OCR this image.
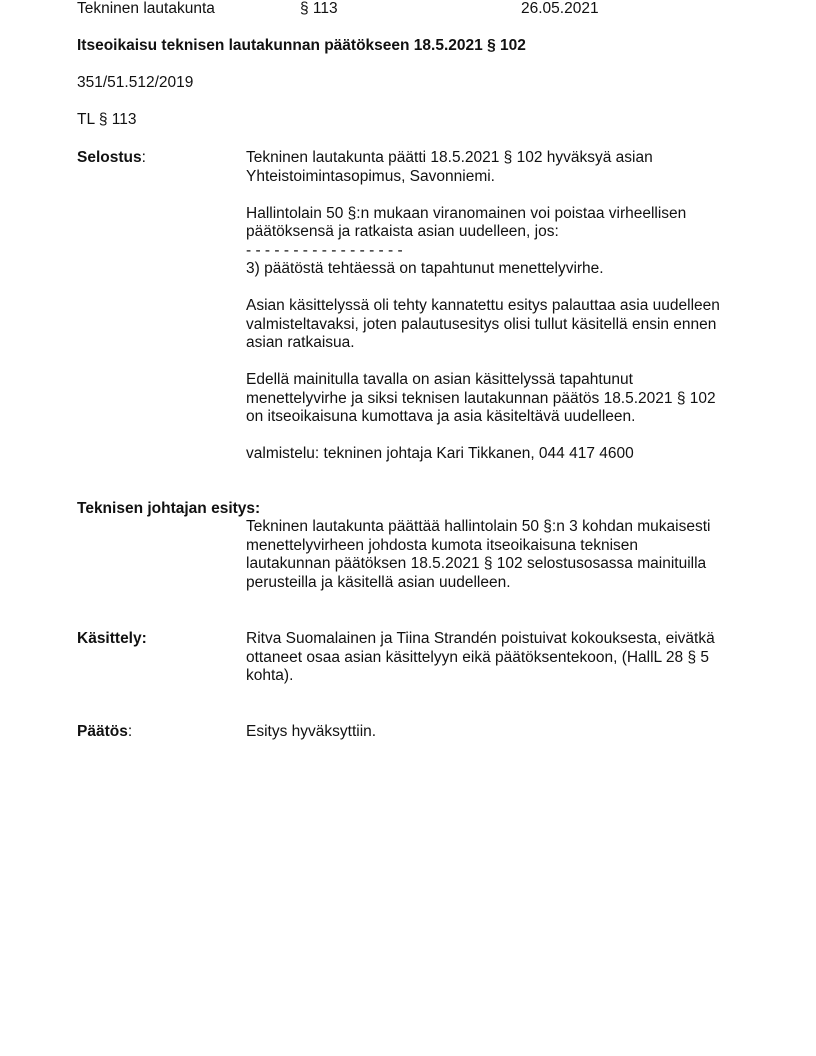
Tekninen lautakunta	§ 113	26.05.2021
Itseoikaisu teknisen lautakunnan päätökseen 18.5.2021 § 102
351/51.512/2019
TL § 113
Selostus:	Tekninen lautakunta päätti 18.5.2021 § 102 hyväksyä asian
Yhteistoimintasopimus, Savonniemi.

Hallintolain 50 §:n mukaan viranomainen voi poistaa virheellisen
päätöksensä ja ratkaista asian uudelleen, jos:
- - - - - - - - - - - - - - - - -
3) päätöstä tehtäessä on tapahtunut menettelyvirhe.

Asian käsittelyssä oli tehty kannatettu esitys palauttaa asia uudelleen
valmisteltavaksi, joten palautusesitys olisi tullut käsitellä ensin ennen
asian ratkaisua.

Edellä mainitulla tavalla on asian käsittelyssä tapahtunut
menettelyvirhe ja siksi teknisen lautakunnan päätös 18.5.2021 § 102
on itseoikaisuna kumottava ja asia käsiteltävä uudelleen.

valmistelu: tekninen johtaja Kari Tikkanen, 044 417 4600

Teknisen johtajan esitys:

Tekninen lautakunta päättää hallintolain 50 §:n 3 kohdan mukaisesti
menettelyvirheen johdosta kumota itseoikaisuna teknisen
lautakunnan päätöksen 18.5.2021 § 102 selostusosassa mainituilla
perusteilla ja käsitellä asian uudelleen.

Käsittely:	Ritva Suomalainen ja Tiina Strandén poistuivat kokouksesta, eivätkä
ottaneet osaa asian käsittelyyn eikä päätöksentekoon, (HallL 28 § 5
kohta).

Päätös:	Esitys hyväksyttiin.
